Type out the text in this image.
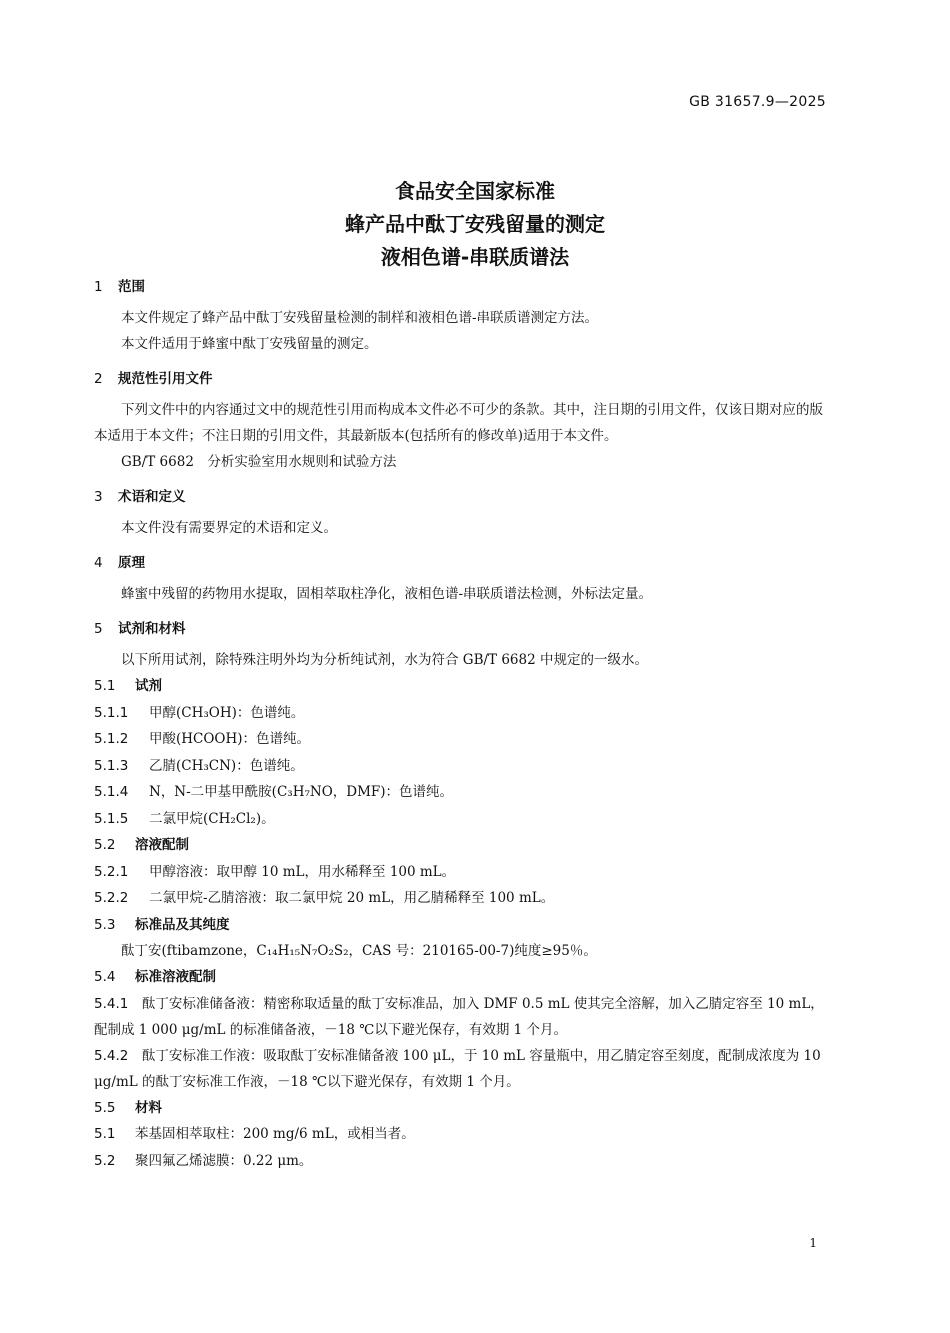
GB 31657.9—2025
食品安全国家标准
蜂产品中酞丁安残留量的测定
液相色谱-串联质谱法
1 范围

本文件规定了蜂产品中酞丁安残留量检测的制样和液相色谱-串联质谱测定方法。

本文件适用于蜂蜜中酞丁安残留量的测定。

2 规范性引用文件

下列文件中的内容通过文中的规范性引用而构成本文件必不可少的条款。其中，注日期的引用文件，仅该日期对应的版本适用于本文件；不注日期的引用文件，其最新版本(包括所有的修改单)适用于本文件。

GB/T 6682　分析实验室用水规则和试验方法

3 术语和定义

本文件没有需要界定的术语和定义。

4 原理

蜂蜜中残留的药物用水提取，固相萃取柱净化，液相色谱-串联质谱法检测，外标法定量。

5 试剂和材料

以下所用试剂，除特殊注明外均为分析纯试剂，水为符合 GB/T 6682 中规定的一级水。

5.1 试剂
5.1.1 甲醇(CH₃OH)：色谱纯。
5.1.2 甲酸(HCOOH)：色谱纯。
5.1.3 乙腈(CH₃CN)：色谱纯。
5.1.4 N，N-二甲基甲酰胺(C₃H₇NO，DMF)：色谱纯。
5.1.5 二氯甲烷(CH₂Cl₂)。
5.2 溶液配制
5.2.1 甲醇溶液：取甲醇 10 mL，用水稀释至 100 mL。
5.2.2 二氯甲烷-乙腈溶液：取二氯甲烷 20 mL，用乙腈稀释至 100 mL。
5.3 标准品及其纯度
酞丁安(ftibamzone，C₁₄H₁₅N₇O₂S₂，CAS 号：210165-00-7)纯度≥95％。
5.4 标准溶液配制
5.4.1　 酞丁安标准储备液：精密称取适量的酞丁安标准品，加入 DMF 0.5 mL 使其完全溶解，加入乙腈定容至 10 mL，配制成 1 000 μg/mL 的标准储备液，－18 ℃以下避光保存，有效期 1 个月。
5.4.2　 酞丁安标准工作液：吸取酞丁安标准储备液 100 μL，于 10 mL 容量瓶中，用乙腈定容至刻度，配制成浓度为 10 μg/mL 的酞丁安标准工作液，－18 ℃以下避光保存，有效期 1 个月。
5.5 材料
5.1 苯基固相萃取柱：200 mg/6 mL，或相当者。
5.2 聚四氟乙烯滤膜：0.22 μm。
1
